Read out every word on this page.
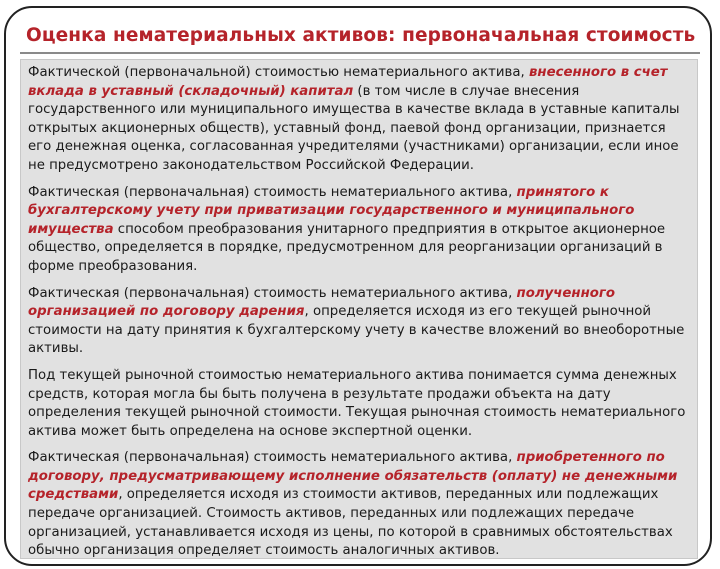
Оценка нематериальных активов: первоначальная стоимость

Фактической (первоначальной) стоимостью нематериального актива, внесенного в счет вклада в уставный (складочный) капитал (в том числе в случае внесения государственного или муниципального имущества в качестве вклада в уставные капиталы открытых акционерных обществ), уставный фонд, паевой фонд организации, признается его денежная оценка, согласованная учредителями (участниками) организации, если иное не предусмотрено законодательством Российской Федерации.

Фактическая (первоначальная) стоимость нематериального актива, принятого к бухгалтерскому учету при приватизации государственного и муниципального имущества способом преобразования унитарного предприятия в открытое акционерное общество, определяется в порядке, предусмотренном для реорганизации организаций в форме преобразования.

Фактическая (первоначальная) стоимость нематериального актива, полученного организацией по договору дарения, определяется исходя из его текущей рыночной стоимости на дату принятия к бухгалтерскому учету в качестве вложений во внеоборотные активы.

Под текущей рыночной стоимостью нематериального актива понимается сумма денежных средств, которая могла бы быть получена в результате продажи объекта на дату определения текущей рыночной стоимости. Текущая рыночная стоимость нематериального актива может быть определена на основе экспертной оценки.

Фактическая (первоначальная) стоимость нематериального актива, приобретенного по договору, предусматривающему исполнение обязательств (оплату) не денежными средствами, определяется исходя из стоимости активов, переданных или подлежащих передаче организацией. Стоимость активов, переданных или подлежащих передаче организацией, устанавливается исходя из цены, по которой в сравнимых обстоятельствах обычно организация определяет стоимость аналогичных активов.
